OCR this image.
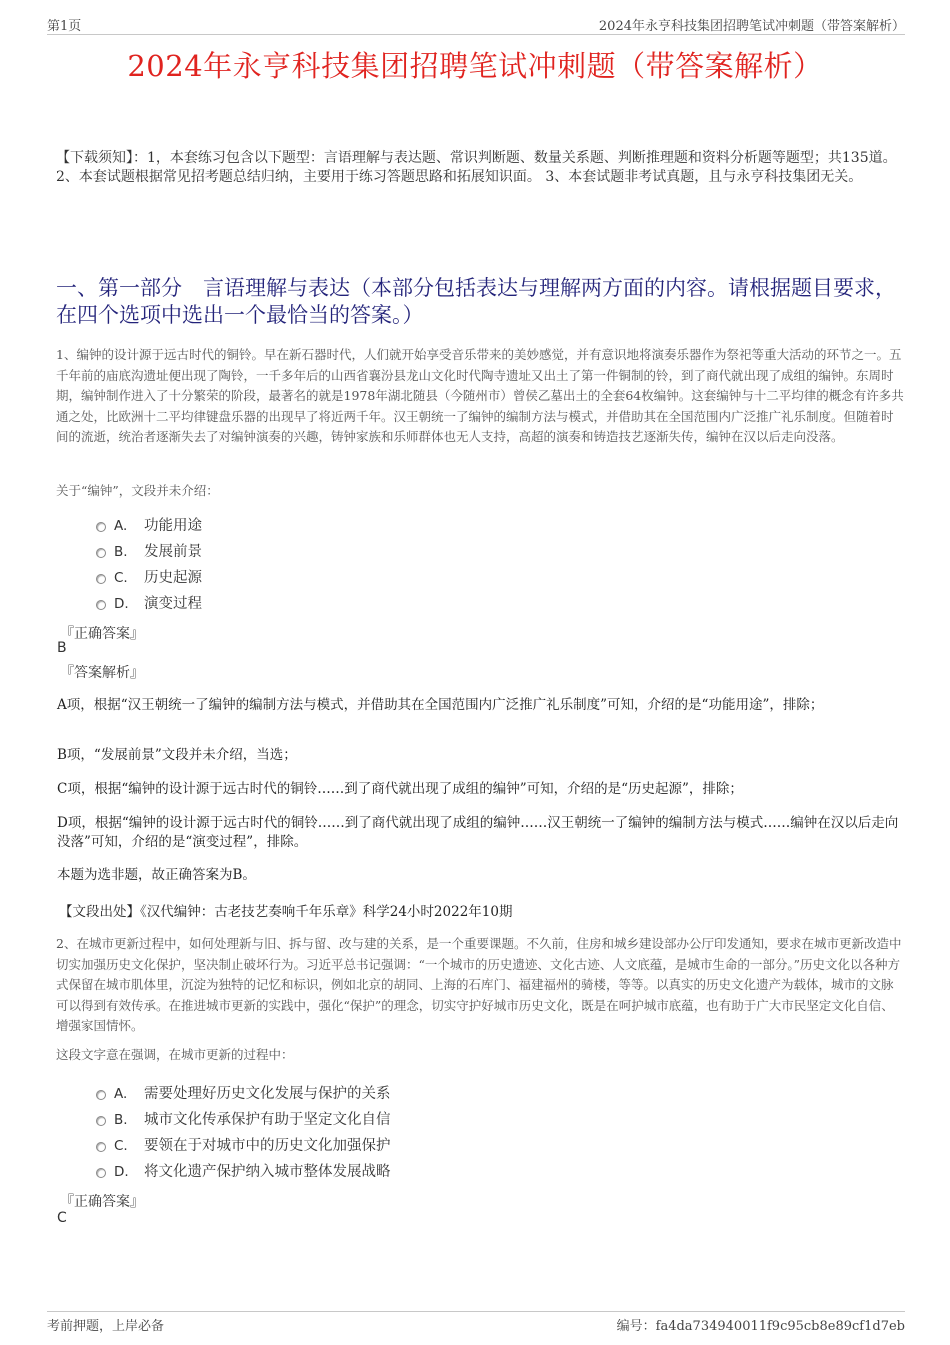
第1页	2024年永亨科技集团招聘笔试冲刺题（带答案解析）
2024年永亨科技集团招聘笔试冲刺题（带答案解析）
【下载须知】：1，本套练习包含以下题型：言语理解与表达题、常识判断题、数量关系题、判断推理题和资料分析题等题型；共135道。 2、本套试题根据常见招考题总结归纳，主要用于练习答题思路和拓展知识面。 3、本套试题非考试真题，且与永亨科技集团无关。
一、第一部分　言语理解与表达（本部分包括表达与理解两方面的内容。请根据题目要求，在四个选项中选出一个最恰当的答案。）
1、编钟的设计源于远古时代的铜铃。早在新石器时代，人们就开始享受音乐带来的美妙感觉，并有意识地将演奏乐器作为祭祀等重大活动的环节之一。五千年前的庙底沟遗址便出现了陶铃，一千多年后的山西省襄汾县龙山文化时代陶寺遗址又出土了第一件铜制的铃，到了商代就出现了成组的编钟。东周时期，编钟制作进入了十分繁荣的阶段，最著名的就是1978年湖北随县（今随州市）曾侯乙墓出土的全套64枚编钟。这套编钟与十二平均律的概念有许多共通之处，比欧洲十二平均律键盘乐器的出现早了将近两千年。汉王朝统一了编钟的编制方法与模式，并借助其在全国范围内广泛推广礼乐制度。但随着时间的流逝，统治者逐渐失去了对编钟演奏的兴趣，铸钟家族和乐师群体也无人支持，高超的演奏和铸造技艺逐渐失传，编钟在汉以后走向没落。
关于“编钟”，文段并未介绍：
A. 功能用途
B. 发展前景
C. 历史起源
D. 演变过程
『正确答案』
B
『答案解析』
A项，根据“汉王朝统一了编钟的编制方法与模式，并借助其在全国范围内广泛推广礼乐制度”可知，介绍的是“功能用途”，排除；
B项，“发展前景”文段并未介绍，当选；
C项，根据“编钟的设计源于远古时代的铜铃……到了商代就出现了成组的编钟”可知，介绍的是“历史起源”，排除；
D项，根据“编钟的设计源于远古时代的铜铃……到了商代就出现了成组的编钟……汉王朝统一了编钟的编制方法与模式……编钟在汉以后走向没落”可知，介绍的是“演变过程”，排除。
本题为选非题，故正确答案为B。
【文段出处】《汉代编钟：古老技艺奏响千年乐章》科学24小时2022年10期
2、在城市更新过程中，如何处理新与旧、拆与留、改与建的关系，是一个重要课题。不久前，住房和城乡建设部办公厅印发通知，要求在城市更新改造中切实加强历史文化保护，坚决制止破坏行为。习近平总书记强调：“一个城市的历史遗迹、文化古迹、人文底蕴，是城市生命的一部分。”历史文化以各种方式保留在城市肌体里，沉淀为独特的记忆和标识，例如北京的胡同、上海的石库门、福建福州的骑楼，等等。以真实的历史文化遗产为载体，城市的文脉可以得到有效传承。在推进城市更新的实践中，强化“保护”的理念，切实守护好城市历史文化，既是在呵护城市底蕴，也有助于广大市民坚定文化自信、增强家国情怀。
这段文字意在强调，在城市更新的过程中：
A. 需要处理好历史文化发展与保护的关系
B. 城市文化传承保护有助于坚定文化自信
C. 要领在于对城市中的历史文化加强保护
D. 将文化遗产保护纳入城市整体发展战略
『正确答案』
C
考前押题，上岸必备	编号：fa4da734940011f9c95cb8e89cf1d7eb
